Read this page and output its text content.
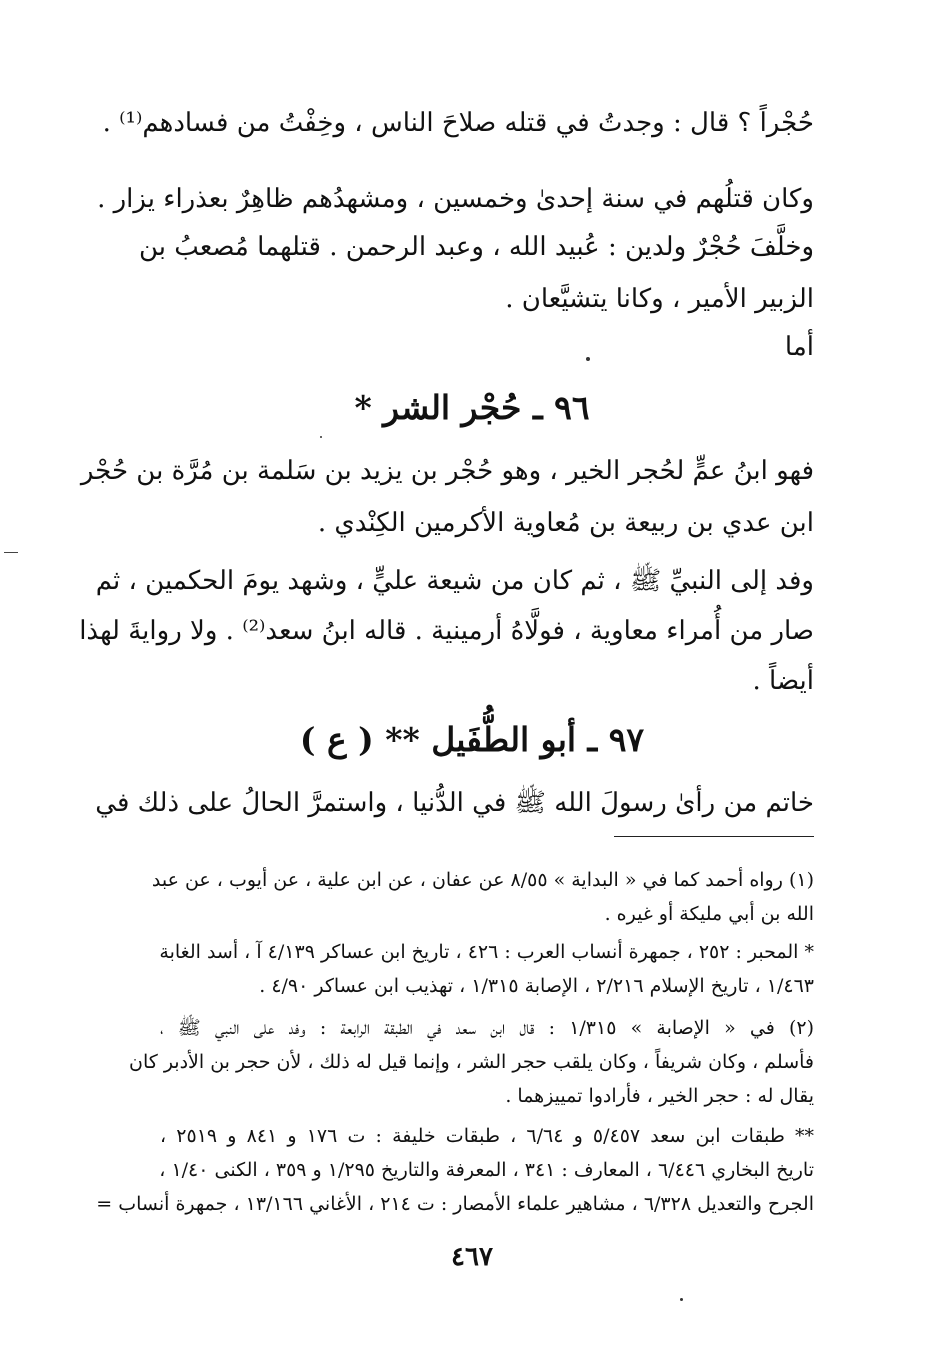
حُجْراً ؟ قال : وجدتُ في قتله صلاحَ الناس ، وخِفْتُ من فسادهم⁽¹⁾ .
وكان قتلُهم في سنة إحدىٰ وخمسين ، ومشهدُهم ظاهِرٌ بعذراء يزار .
وخلَّفَ حُجْرٌ ولدين : عُبيد الله ، وعبد الرحمن . قتلهما مُصعبُ بن
الزبير الأمير ، وكانا يتشيَّعان .
أما
٩٦ ـ حُجْر الشر *
فهو ابنُ عمٍّ لحُجر الخير ، وهو حُجْر بن يزيد بن سَلمة بن مُرَّة بن حُجْر
ابن عدي بن ربيعة بن مُعاوية الأكرمين الكِنْدي .
وفد إلى النبيِّ ﷺ ، ثم كان من شيعة عليٍّ ، وشهد يومَ الحكمين ، ثم
صار من أُمراء معاوية ، فولَّاهُ أرمينية . قاله ابنُ سعد⁽²⁾ . ولا روايةَ لهذا
أيضاً .
٩٧ ـ أبو الطُّفَيل ** ( ع )
خاتم من رأىٰ رسولَ الله ﷺ في الدُّنيا ، واستمرَّ الحالُ على ذلك في
(١) رواه أحمد كما في « البداية » ٨/٥٥ عن عفان ، عن ابن علية ، عن أيوب ، عن عبد
الله بن أبي مليكة أو غيره .
* المحبر : ٢٥٢ ، جمهرة أنساب العرب : ٤٢٦ ، تاريخ ابن عساكر ٤/١٣٩ آ ، أسد الغابة
١/٤٦٣ ، تاريخ الإسلام ٢/٢١٦ ، الإصابة ١/٣١٥ ، تهذيب ابن عساكر ٤/٩٠ .
(٢) في « الإصابة » ١/٣١٥ : قال ابن سعد في الطبقة الرابعة : وفد على النبي ﷺ ،
فأسلم ، وكان شريفاً ، وكان يلقب حجر الشر ، وإنما قيل له ذلك ، لأن حجر بن الأدبر كان
يقال له : حجر الخير ، فأرادوا تمييزهما .
** طبقات ابن سعد ٥/٤٥٧ و ٦/٦٤ ، طبقات خليفة : ت ١٧٦ و ٨٤١ و ٢٥١٩ ،
تاريخ البخاري ٦/٤٤٦ ، المعارف : ٣٤١ ، المعرفة والتاريخ ١/٢٩٥ و ٣٥٩ ، الكنى ١/٤٠ ،
الجرح والتعديل ٦/٣٢٨ ، مشاهير علماء الأمصار : ت ٢١٤ ، الأغاني ١٣/١٦٦ ، جمهرة أنساب =
٤٦٧
